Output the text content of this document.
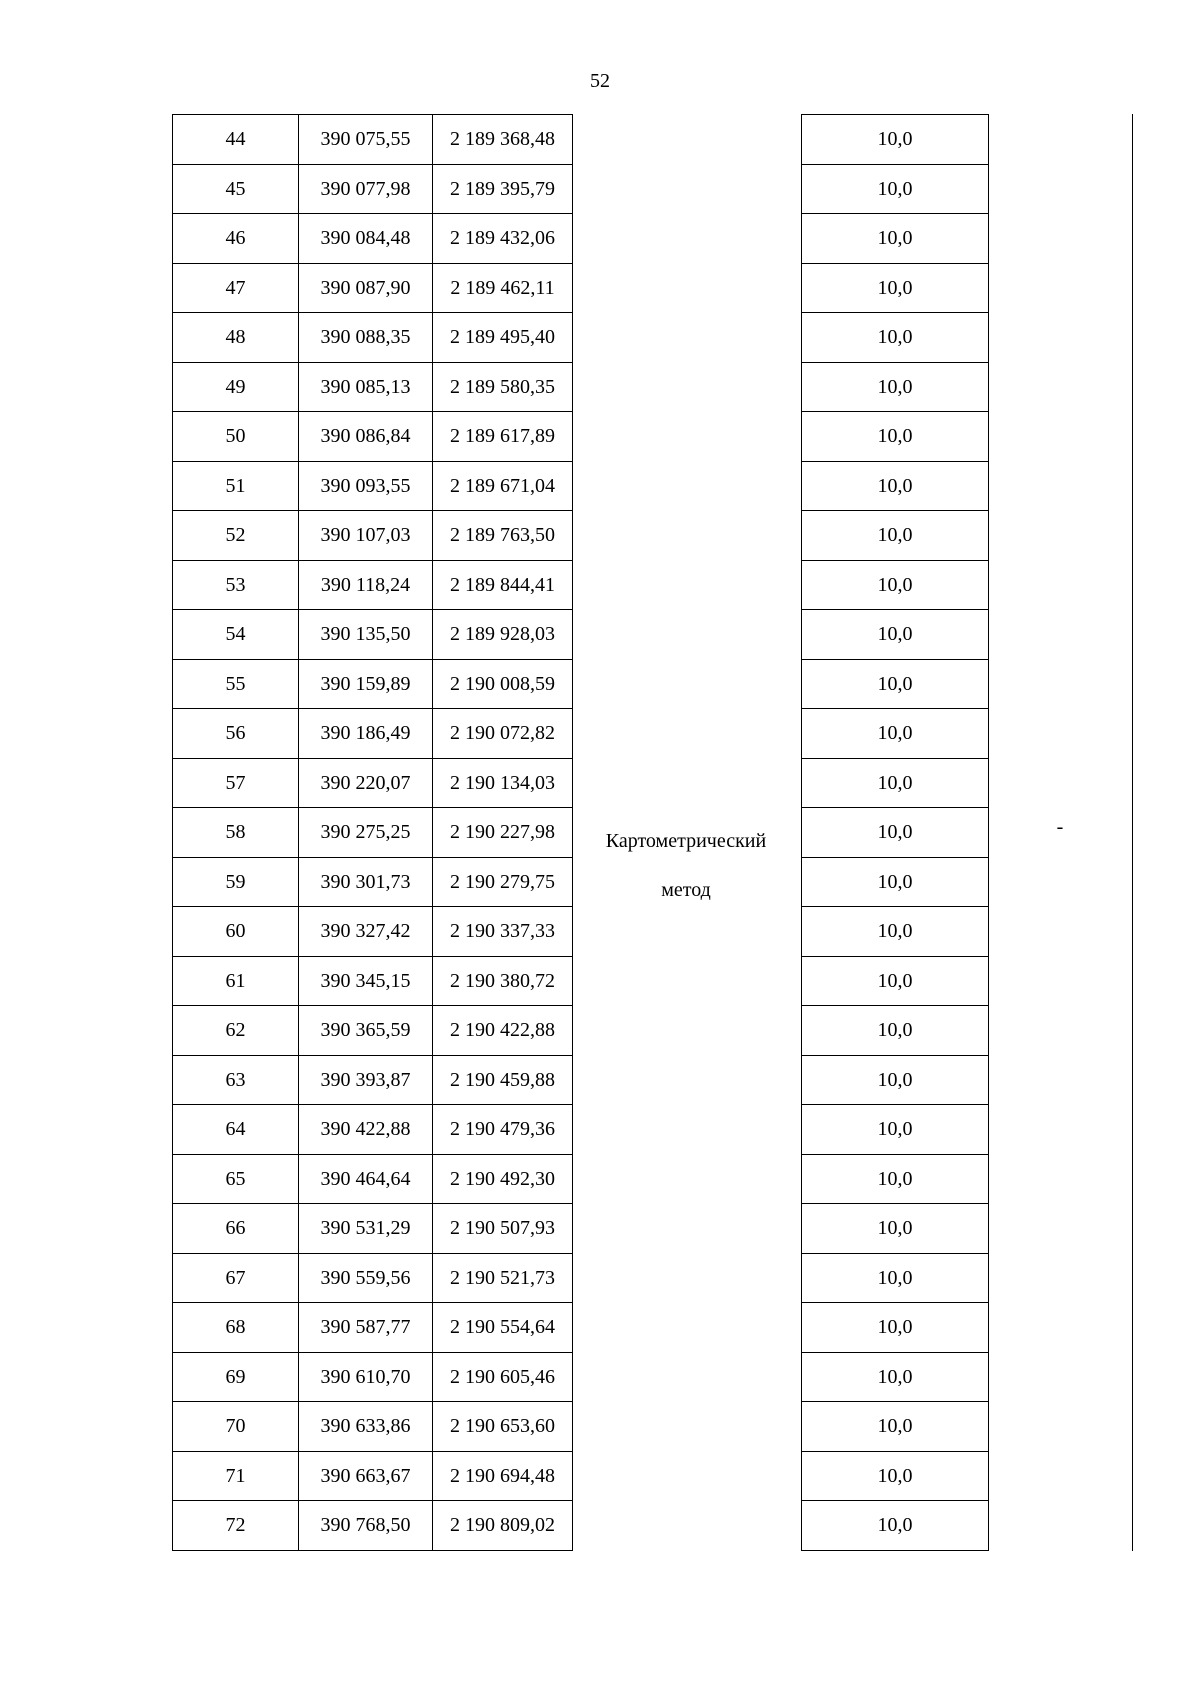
52
44	390 075,55	2 189 368,48		10,0
45	390 077,98	2 189 395,79		10,0
46	390 084,48	2 189 432,06		10,0
47	390 087,90	2 189 462,11		10,0
48	390 088,35	2 189 495,40		10,0
49	390 085,13	2 189 580,35		10,0
50	390 086,84	2 189 617,89		10,0
51	390 093,55	2 189 671,04		10,0
52	390 107,03	2 189 763,50		10,0
53	390 118,24	2 189 844,41		10,0
54	390 135,50	2 189 928,03		10,0
55	390 159,89	2 190 008,59		10,0
56	390 186,49	2 190 072,82		10,0
57	390 220,07	2 190 134,03		10,0
58	390 275,25	2 190 227,98		10,0
59	390 301,73	2 190 279,75		10,0
60	390 327,42	2 190 337,33		10,0
61	390 345,15	2 190 380,72		10,0
62	390 365,59	2 190 422,88		10,0
63	390 393,87	2 190 459,88		10,0
64	390 422,88	2 190 479,36		10,0
65	390 464,64	2 190 492,30		10,0
66	390 531,29	2 190 507,93		10,0
67	390 559,56	2 190 521,73		10,0
68	390 587,77	2 190 554,64		10,0
69	390 610,70	2 190 605,46		10,0
70	390 633,86	2 190 653,60		10,0
71	390 663,67	2 190 694,48		10,0
72	390 768,50	2 190 809,02		10,0
Картометрический
метод
-
